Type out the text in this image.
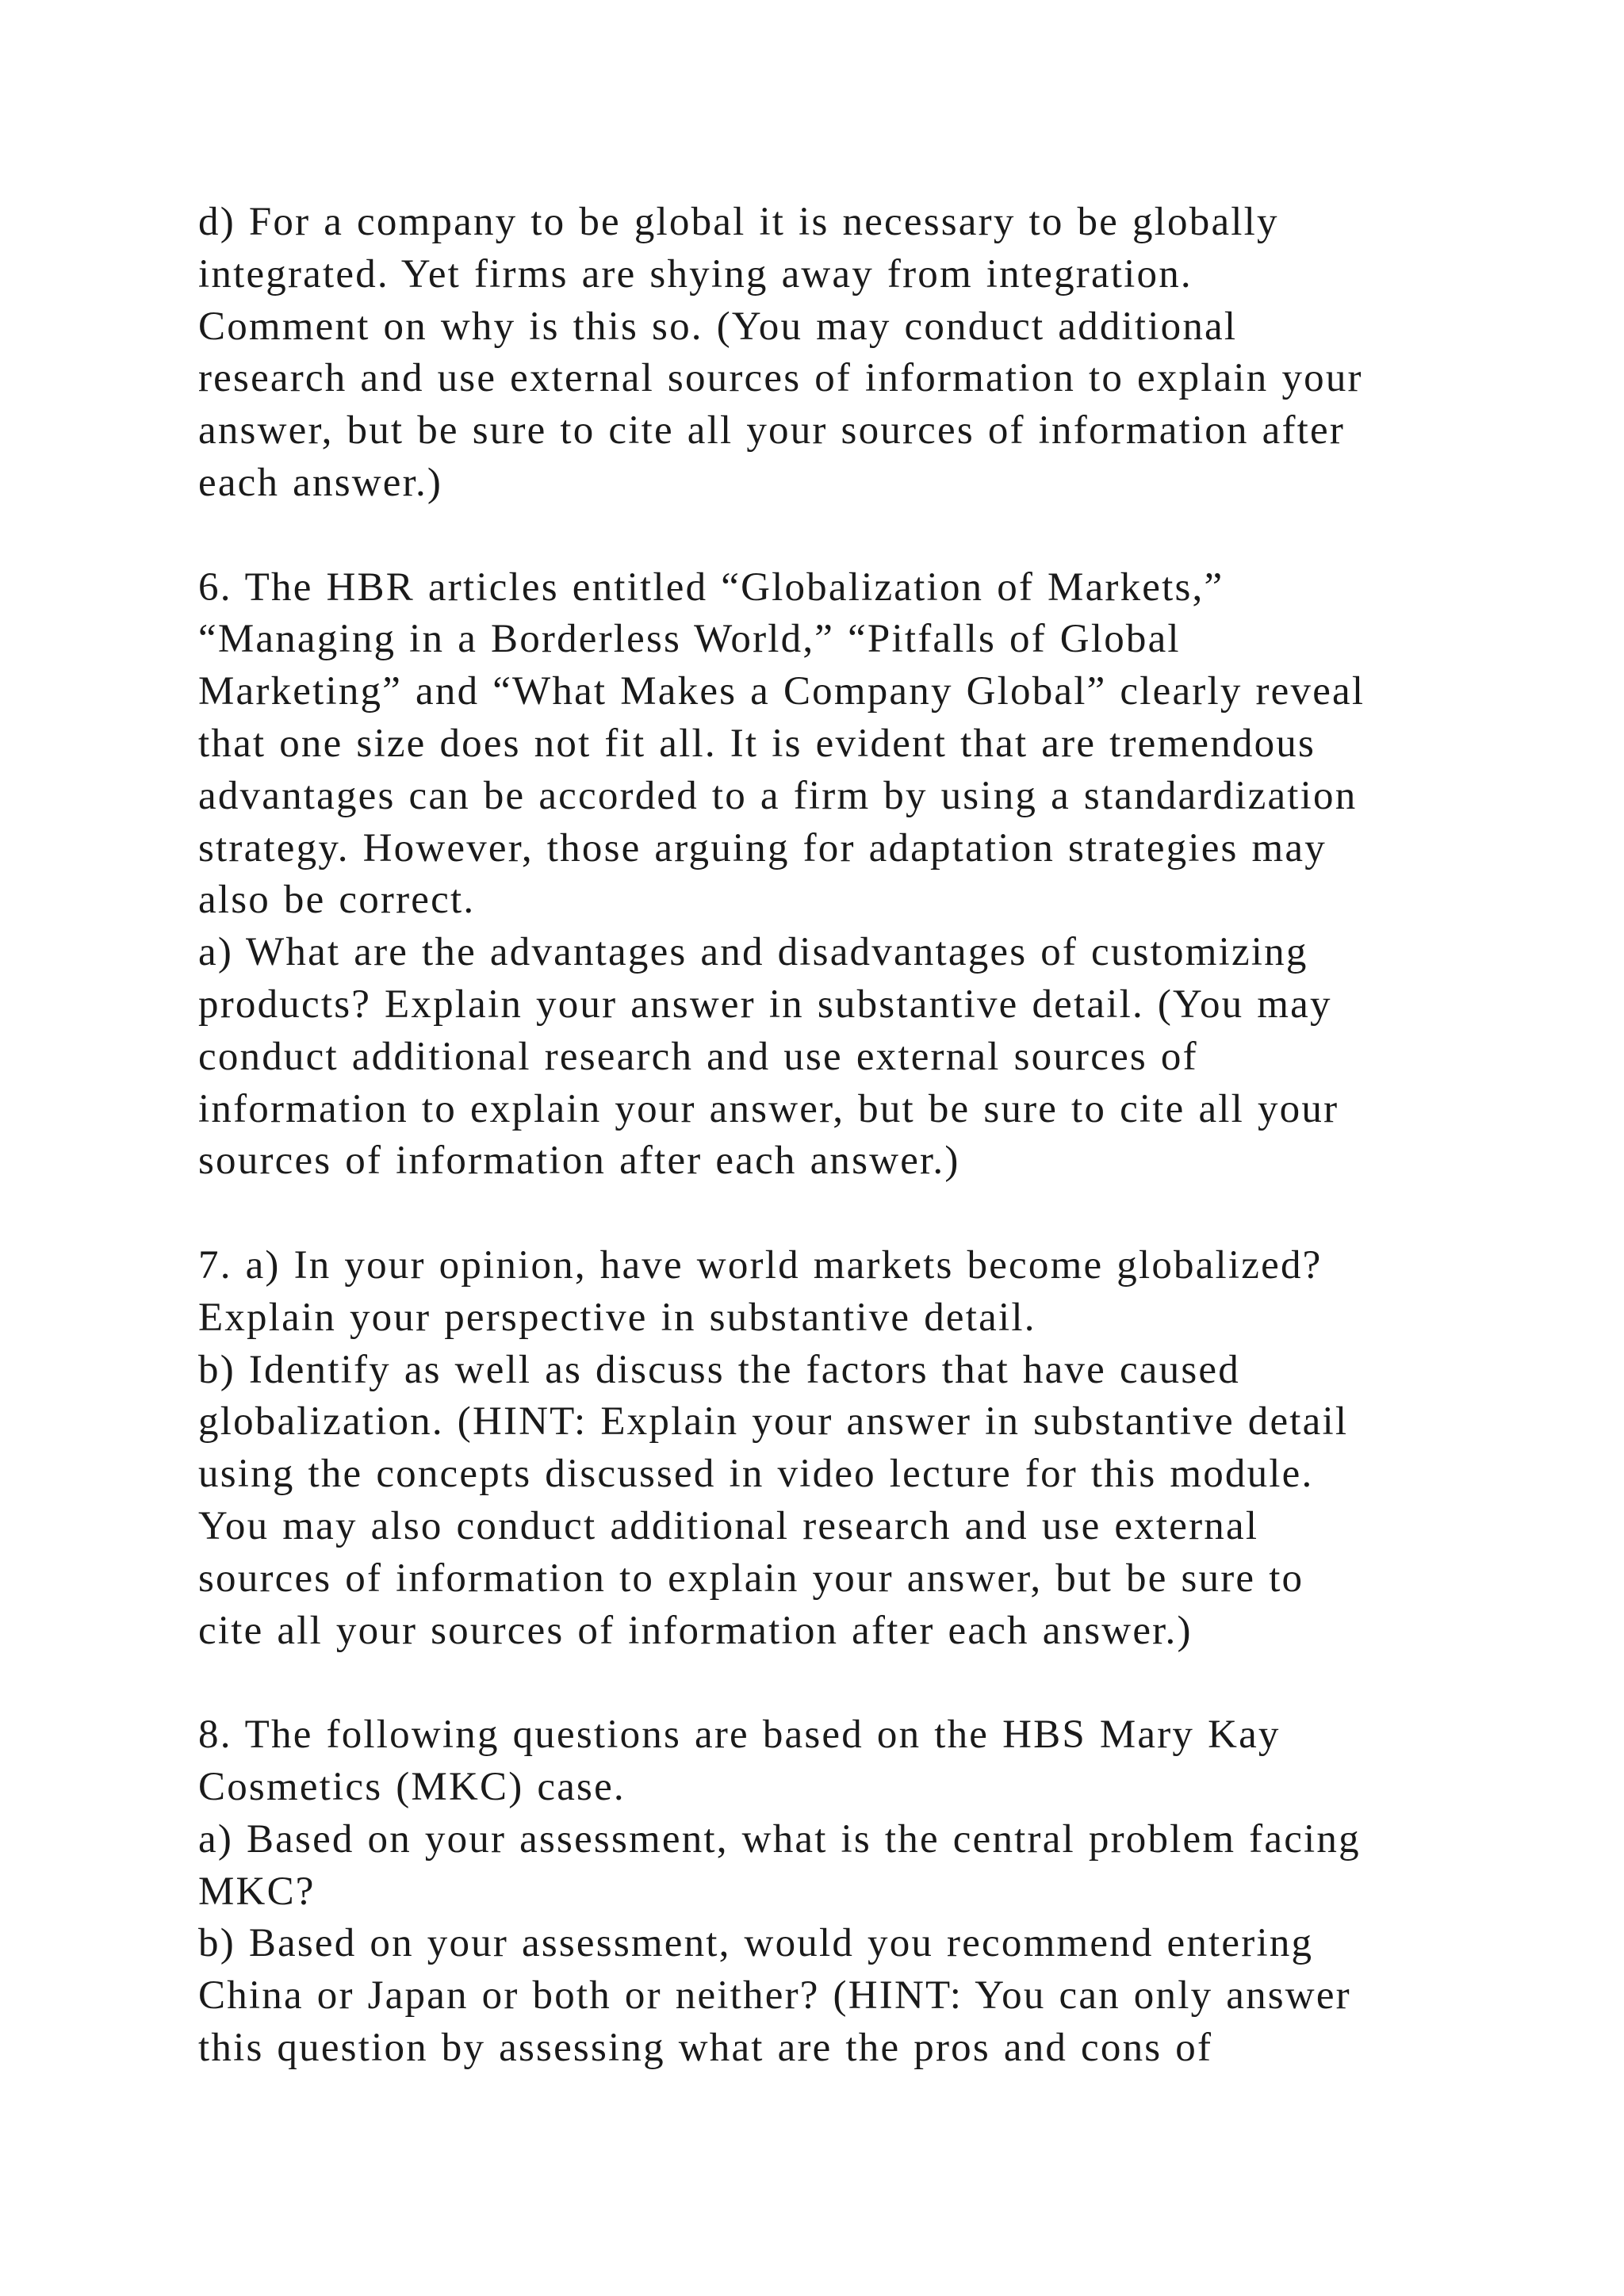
d) For a company to be global it is necessary to be globally
integrated. Yet firms are shying away from integration.
Comment on why is this so. (You may conduct additional
research and use external sources of information to explain your
answer, but be sure to cite all your sources of information after
each answer.)
6. The HBR articles entitled “Globalization of Markets,”
“Managing in a Borderless World,” “Pitfalls of Global
Marketing” and “What Makes a Company Global” clearly reveal
that one size does not fit all. It is evident that are tremendous
advantages can be accorded to a firm by using a standardization
strategy. However, those arguing for adaptation strategies may
also be correct.
a) What are the advantages and disadvantages of customizing
products? Explain your answer in substantive detail. (You may
conduct additional research and use external sources of
information to explain your answer, but be sure to cite all your
sources of information after each answer.)
7. a) In your opinion, have world markets become globalized?
Explain your perspective in substantive detail.
b) Identify as well as discuss the factors that have caused
globalization. (HINT: Explain your answer in substantive detail
using the concepts discussed in video lecture for this module.
You may also conduct additional research and use external
sources of information to explain your answer, but be sure to
cite all your sources of information after each answer.)
8. The following questions are based on the HBS Mary Kay
Cosmetics (MKC) case.
a) Based on your assessment, what is the central problem facing
MKC?
b) Based on your assessment, would you recommend entering
China or Japan or both or neither? (HINT: You can only answer
this question by assessing what are the pros and cons of
